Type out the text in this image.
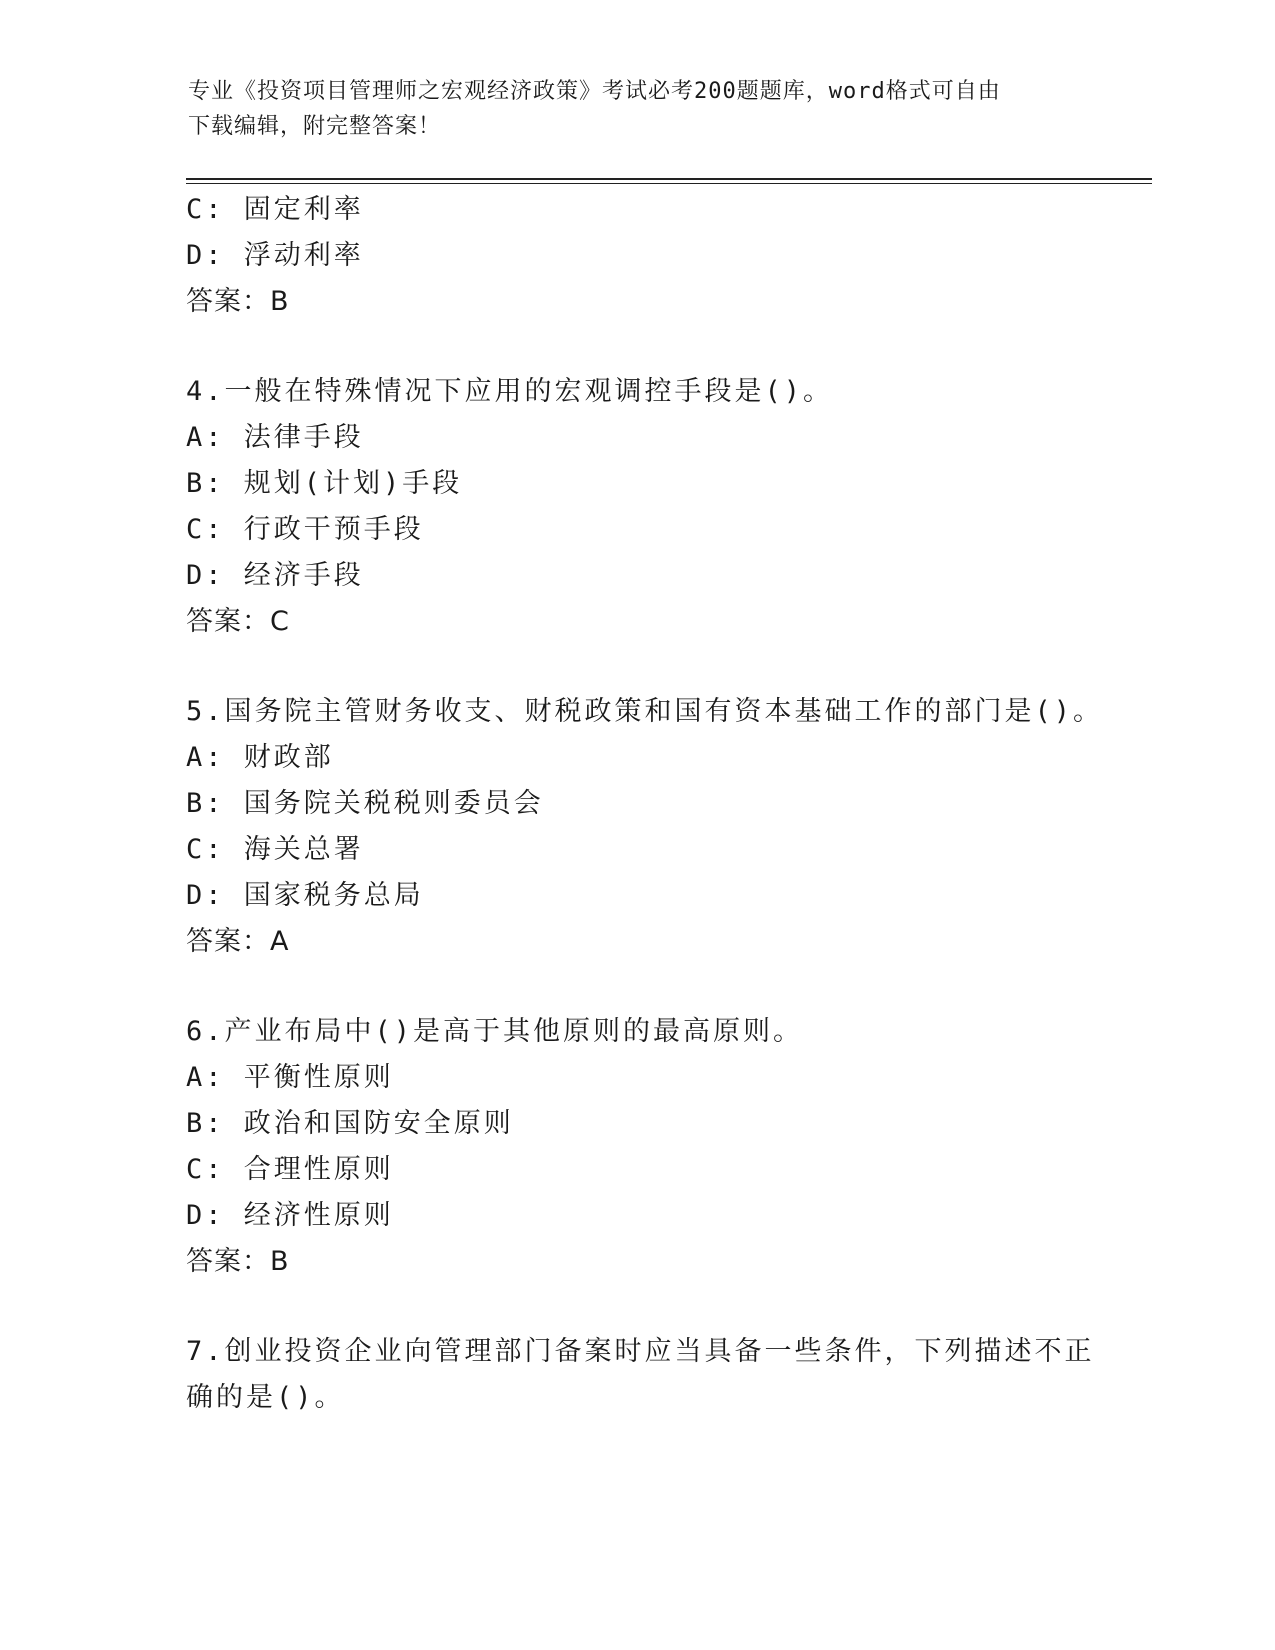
专业《投资项目管理师之宏观经济政策》考试必考200题题库，word格式可自由
下载编辑，附完整答案！
C: 固定利率
D: 浮动利率
答案：B
4.一般在特殊情况下应用的宏观调控手段是()。
A: 法律手段
B: 规划(计划)手段
C: 行政干预手段
D: 经济手段
答案：C
5.国务院主管财务收支、财税政策和国有资本基础工作的部门是()。
A: 财政部
B: 国务院关税税则委员会
C: 海关总署
D: 国家税务总局
答案：A
6.产业布局中()是高于其他原则的最高原则。
A: 平衡性原则
B: 政治和国防安全原则
C: 合理性原则
D: 经济性原则
答案：B
7.创业投资企业向管理部门备案时应当具备一些条件，下列描述不正
确的是()。
